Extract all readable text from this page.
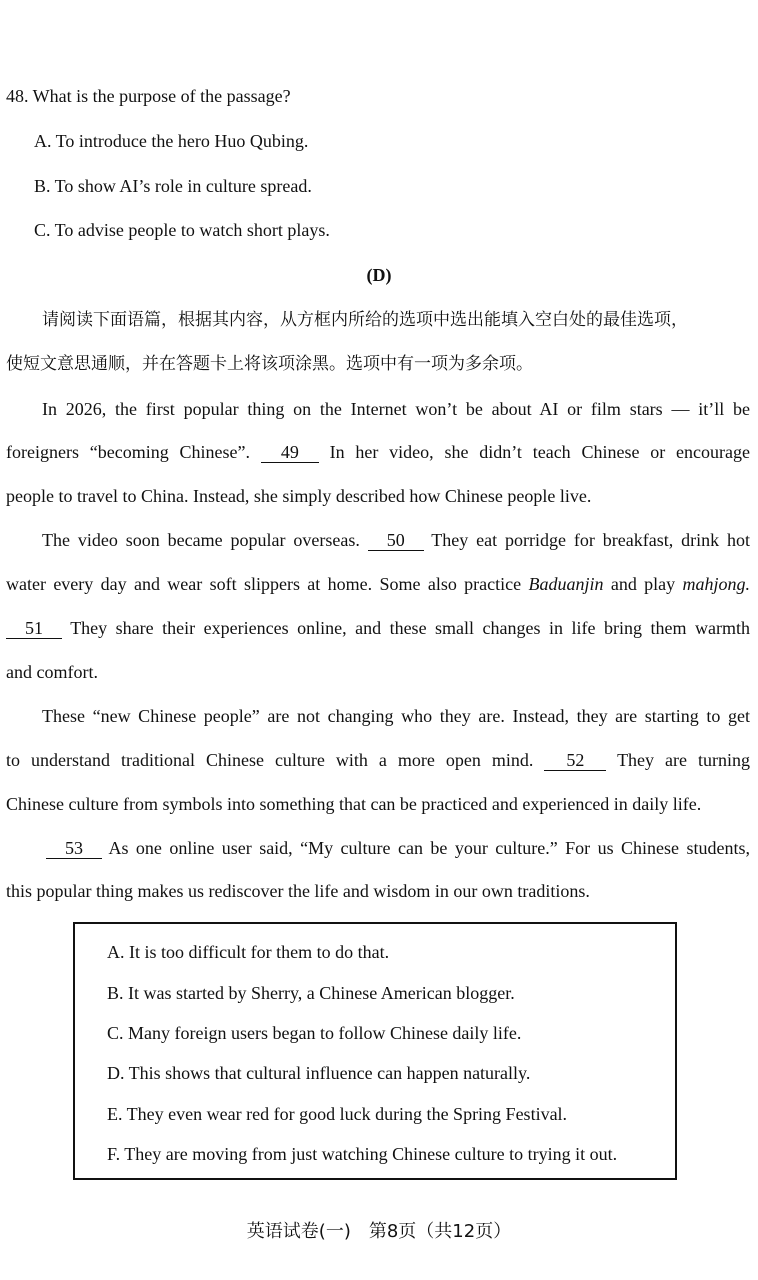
48. What is the purpose of the passage?
A. To introduce the hero Huo Qubing.
B. To show AI’s role in culture spread.
C. To advise people to watch short plays.
(D)
请阅读下面语篇，根据其内容，从方框内所给的选项中选出能填入空白处的最佳选项，
使短文意思通顺，并在答题卡上将该项涂黑。选项中有一项为多余项。
In 2026, the first popular thing on the Internet won’t be about AI or film stars — it’ll be
foreigners “becoming Chinese”. 49 In her video, she didn’t teach Chinese or encourage
people to travel to China. Instead, she simply described how Chinese people live.
The video soon became popular overseas. 50 They eat porridge for breakfast, drink hot
water every day and wear soft slippers at home. Some also practice Baduanjin and play mahjong.
51 They share their experiences online, and these small changes in life bring them warmth
and comfort.
These “new Chinese people” are not changing who they are. Instead, they are starting to get
to understand traditional Chinese culture with a more open mind. 52 They are turning
Chinese culture from symbols into something that can be practiced and experienced in daily life.
53 As one online user said, “My culture can be your culture.” For us Chinese students,
this popular thing makes us rediscover the life and wisdom in our own traditions.
A. It is too difficult for them to do that.
B. It was started by Sherry, a Chinese American blogger.
C. Many foreign users began to follow Chinese daily life.
D. This shows that cultural influence can happen naturally.
E. They even wear red for good luck during the Spring Festival.
F. They are moving from just watching Chinese culture to trying it out.
英语试卷(一)　第8页（共12页）
